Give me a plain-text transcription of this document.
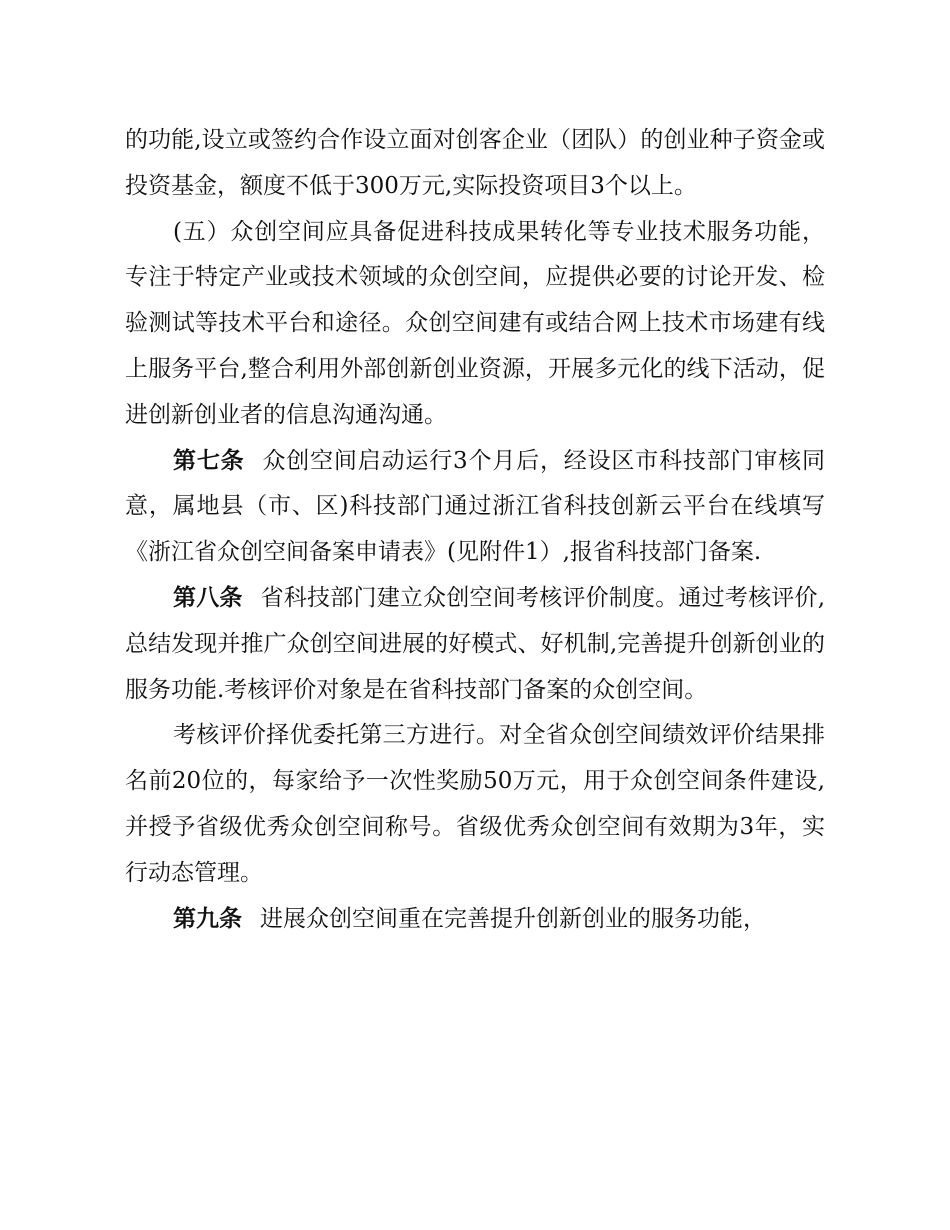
的功能,设立或签约合作设立面对创客企业（团队）的创业种子资金或投资基金，额度不低于300万元,实际投资项目3个以上。

(五）众创空间应具备促进科技成果转化等专业技术服务功能，专注于特定产业或技术领域的众创空间，应提供必要的讨论开发、检验测试等技术平台和途径。众创空间建有或结合网上技术市场建有线上服务平台,整合利用外部创新创业资源，开展多元化的线下活动，促进创新创业者的信息沟通沟通。

第七条 众创空间启动运行3个月后，经设区市科技部门审核同意，属地县（市、区)科技部门通过浙江省科技创新云平台在线填写《浙江省众创空间备案申请表》(见附件1）,报省科技部门备案.

第八条 省科技部门建立众创空间考核评价制度。通过考核评价,总结发现并推广众创空间进展的好模式、好机制,完善提升创新创业的服务功能.考核评价对象是在省科技部门备案的众创空间。

考核评价择优委托第三方进行。对全省众创空间绩效评价结果排名前20位的，每家给予一次性奖励50万元，用于众创空间条件建设,并授予省级优秀众创空间称号。省级优秀众创空间有效期为3年，实行动态管理。

第九条 进展众创空间重在完善提升创新创业的服务功能，
